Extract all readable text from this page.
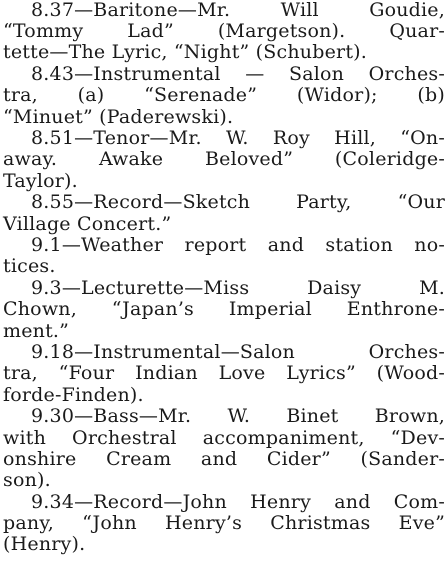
8.37—Baritone—Mr. Will Goudie,
“Tommy Lad” (Margetson). Quar-
tette—The Lyric, “Night” (Schubert).

8.43—Instrumental — Salon Orches-
tra, (a) “Serenade” (Widor); (b)
“Minuet” (Paderewski).

8.51—Tenor—Mr. W. Roy Hill, “On-
away. Awake Beloved” (Coleridge-
Taylor).

8.55—Record—Sketch Party, “Our
Village Concert.”

9.1—Weather report and station no-
tices.

9.3—Lecturette—Miss Daisy M.
Chown, “Japan’s Imperial Enthrone-
ment.”

9.18—Instrumental—Salon Orches-
tra, “Four Indian Love Lyrics” (Wood-
forde-Finden).

9.30—Bass—Mr. W. Binet Brown,
with Orchestral accompaniment, “Dev-
onshire Cream and Cider” (Sander-
son).

9.34—Record—John Henry and Com-
pany, “John Henry’s Christmas Eve”
(Henry).
